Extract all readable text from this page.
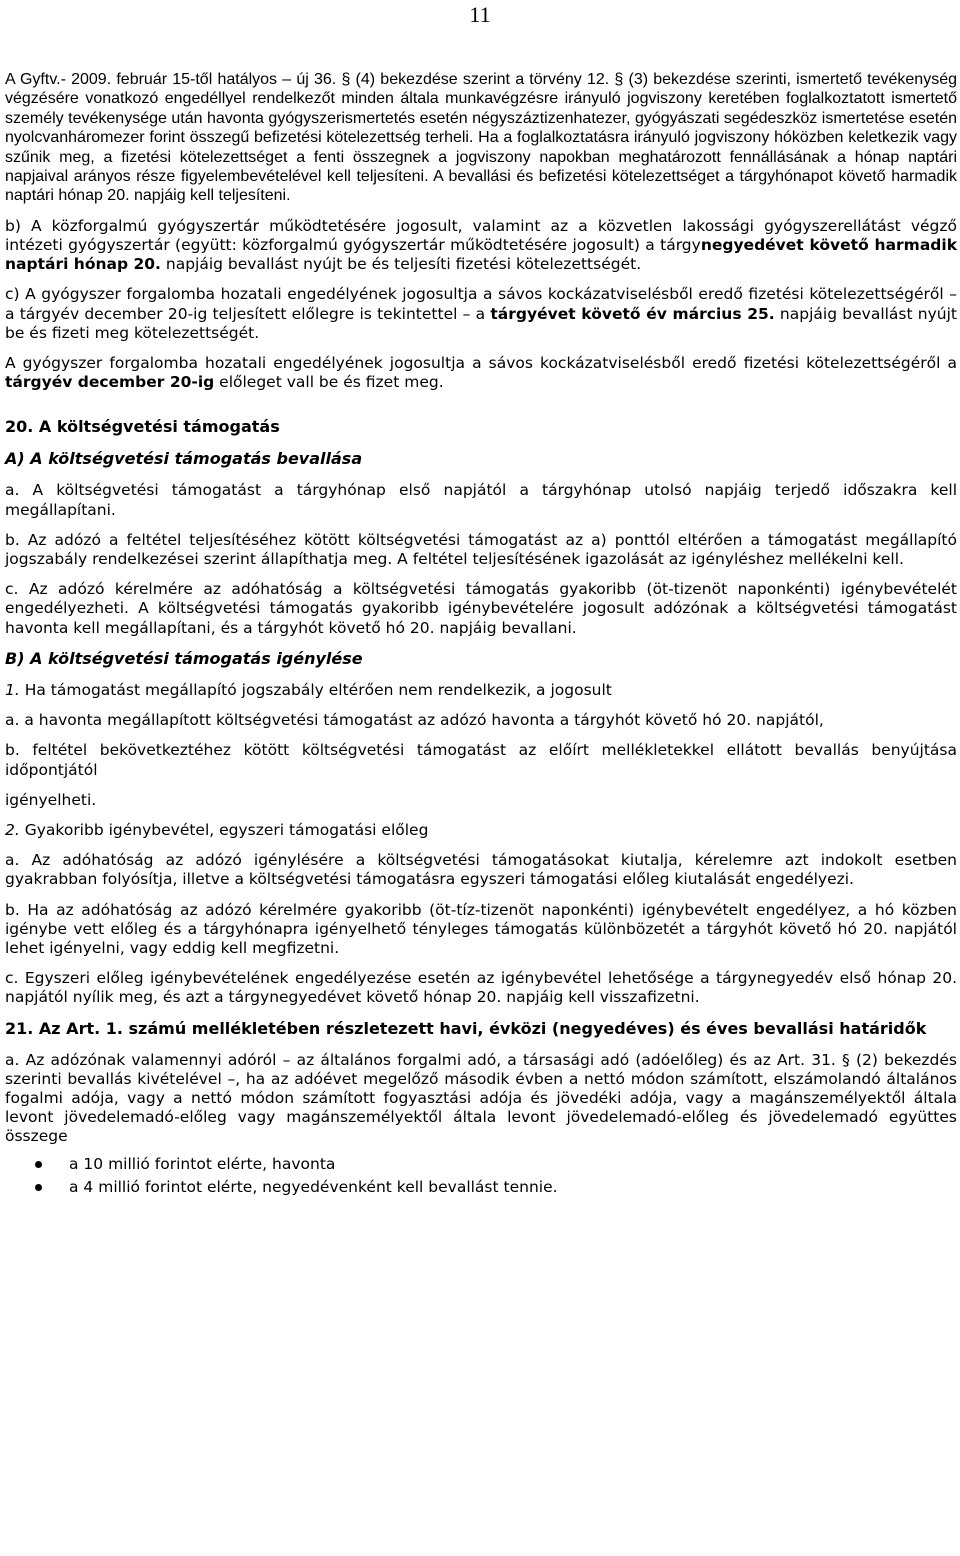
11

A Gyftv.- 2009. február 15-től hatályos – új 36. § (4) bekezdése szerint a törvény 12. § (3) bekezdése szerinti, ismertető tevékenység végzésére vonatkozó engedéllyel rendelkezőt minden általa munkavégzésre irányuló jogviszony keretében foglalkoztatott ismertető személy tevékenysége után havonta gyógyszerismertetés esetén négyszáztizenhatezer, gyógyászati segédeszköz ismertetése esetén nyolcvanháromezer forint összegű befizetési kötelezettség terheli. Ha a foglalkoztatásra irányuló jogviszony hóközben keletkezik vagy szűnik meg, a fizetési kötelezettséget a fenti összegnek a jogviszony napokban meghatározott fennállásának a hónap naptári napjaival arányos része figyelembevételével kell teljesíteni. A bevallási és befizetési kötelezettséget a tárgyhónapot követő harmadik naptári hónap 20. napjáig kell teljesíteni.

b) A közforgalmú gyógyszertár működtetésére jogosult, valamint az a közvetlen lakossági gyógyszerellátást végző intézeti gyógyszertár (együtt: közforgalmú gyógyszertár működtetésére jogosult) a tárgynegyedévet követő harmadik naptári hónap 20. napjáig bevallást nyújt be és teljesíti fizetési kötelezettségét.

c) A gyógyszer forgalomba hozatali engedélyének jogosultja a sávos kockázatviselésből eredő fizetési kötelezettségéről – a tárgyév december 20-ig teljesített előlegre is tekintettel – a tárgyévet követő év március 25. napjáig bevallást nyújt be és fizeti meg kötelezettségét.

A gyógyszer forgalomba hozatali engedélyének jogosultja a sávos kockázatviselésből eredő fizetési kötelezettségéről a tárgyév december 20-ig előleget vall be és fizet meg.

20. A költségvetési támogatás
A) A költségvetési támogatás bevallása

a. A költségvetési támogatást a tárgyhónap első napjától a tárgyhónap utolsó napjáig terjedő időszakra kell megállapítani.

b. Az adózó a feltétel teljesítéséhez kötött költségvetési támogatást az a) ponttól eltérően a támogatást megállapító jogszabály rendelkezései szerint állapíthatja meg. A feltétel teljesítésének igazolását az igényléshez mellékelni kell.

c. Az adózó kérelmére az adóhatóság a költségvetési támogatás gyakoribb (öt-tizenöt naponkénti) igénybevételét engedélyezheti. A költségvetési támogatás gyakoribb igénybevételére jogosult adózónak a költségvetési támogatást havonta kell megállapítani, és a tárgyhót követő hó 20. napjáig bevallani.

B) A költségvetési támogatás igénylése

1. Ha támogatást megállapító jogszabály eltérően nem rendelkezik, a jogosult

a. a havonta megállapított költségvetési támogatást az adózó havonta a tárgyhót követő hó 20. napjától,

b. feltétel bekövetkeztéhez kötött költségvetési támogatást az előírt mellékletekkel ellátott bevallás benyújtása időpontjától

igényelheti.

2. Gyakoribb igénybevétel, egyszeri támogatási előleg

a. Az adóhatóság az adózó igénylésére a költségvetési támogatásokat kiutalja, kérelemre azt indokolt esetben gyakrabban folyósítja, illetve a költségvetési támogatásra egyszeri támogatási előleg kiutalását engedélyezi.

b. Ha az adóhatóság az adózó kérelmére gyakoribb (öt-tíz-tizenöt naponkénti) igénybevételt engedélyez, a hó közben igénybe vett előleg és a tárgyhónapra igényelhető tényleges támogatás különbözetét a tárgyhót követő hó 20. napjától lehet igényelni, vagy eddig kell megfizetni.

c. Egyszeri előleg igénybevételének engedélyezése esetén az igénybevétel lehetősége a tárgynegyedév első hónap 20. napjától nyílik meg, és azt a tárgynegyedévet követő hónap 20. napjáig kell visszafizetni.

21. Az Art. 1. számú mellékletében részletezett havi, évközi (negyedéves) és éves bevallási határidők

a. Az adózónak valamennyi adóról – az általános forgalmi adó, a társasági adó (adóelőleg) és az Art. 31. § (2) bekezdés szerinti bevallás kivételével –, ha az adóévet megelőző második évben a nettó módon számított, elszámolandó általános fogalmi adója, vagy a nettó módon számított fogyasztási adója és jövedéki adója, vagy a magánszemélyektől általa levont jövedelemadó-előleg vagy magánszemélyektől általa levont jövedelemadó-előleg és jövedelemadó együttes összege

a 10 millió forintot elérte, havonta
a 4 millió forintot elérte, negyedévenként kell bevallást tennie.
